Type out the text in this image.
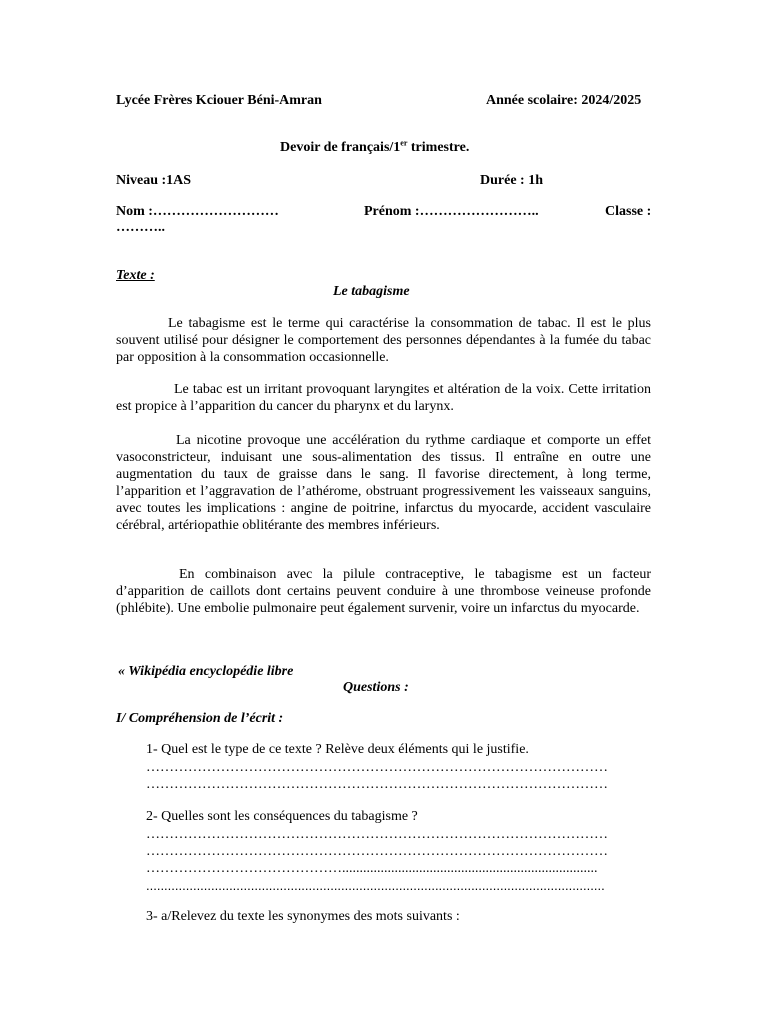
Lycée Frères Kciouer Béni-Amran	Année scolaire: 2024/2025
Devoir de français/1er trimestre.
Niveau :1AS	Durée : 1h
Nom :………………………	Prénom :……………………..	Classe :
………..
Texte :
Le tabagisme
Le tabagisme est le terme qui caractérise la consommation de tabac. Il est le plus souvent utilisé pour désigner le comportement des personnes dépendantes à la fumée du tabac par opposition à la consommation occasionnelle.
Le tabac est un irritant provoquant laryngites et altération de la voix. Cette irritation est propice à l’apparition du cancer du pharynx et du larynx.
La nicotine provoque une accélération du rythme cardiaque et comporte un effet vasoconstricteur, induisant une sous-alimentation des tissus. Il entraîne en outre une augmentation du taux de graisse dans le sang. Il favorise directement, à long terme, l’apparition et l’aggravation de l’athérome, obstruant progressivement les vaisseaux sanguins, avec toutes les implications : angine de poitrine, infarctus du myocarde, accident vasculaire cérébral, artériopathie oblitérante des membres inférieurs.
En combinaison avec la pilule contraceptive, le tabagisme est un facteur d’apparition de caillots dont certains peuvent conduire à une thrombose veineuse profonde (phlébite). Une embolie pulmonaire peut également survenir, voire un infarctus du myocarde.
« Wikipédia encyclopédie libre
Questions :
I/ Compréhension de l’écrit :
1- Quel est le type de ce texte ? Relève deux éléments qui le justifie.
………………………………………………………………………………………
………………………………………………………………………………………
2- Quelles sont les conséquences du tabagisme ?
………………………………………………………………………………………
………………………………………………………………………………………
…………………………………….........................................................................
...............................................................................................................................
3- a/Relevez du texte les synonymes des mots suivants :
